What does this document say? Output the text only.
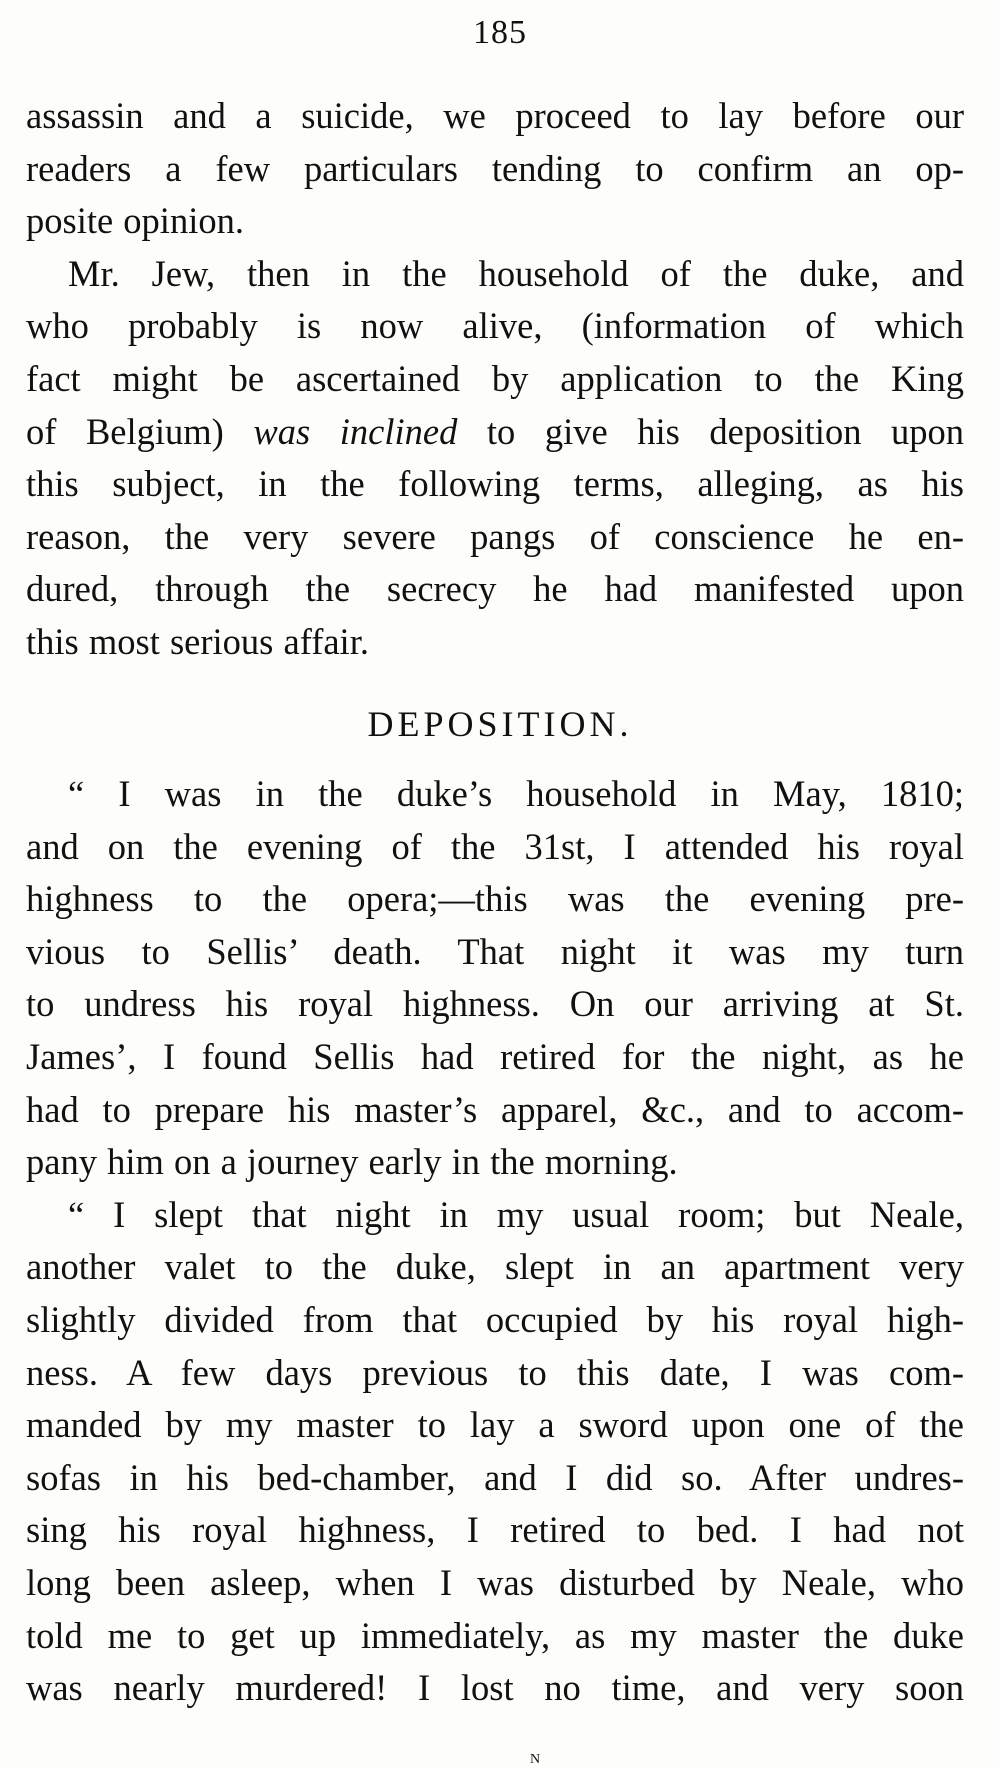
185
assassin and a suicide, we proceed to lay before our
readers a few particulars tending to confirm an op-
posite opinion.
Mr. Jew, then in the household of the duke, and
who probably is now alive, (information of which
fact might be ascertained by application to the King
of Belgium) was inclined to give his deposition upon
this subject, in the following terms, alleging, as his
reason, the very severe pangs of conscience he en-
dured, through the secrecy he had manifested upon
this most serious affair.
DEPOSITION.
“ I was in the duke’s household in May, 1810;
and on the evening of the 31st, I attended his royal
highness to the opera;—this was the evening pre-
vious to Sellis’ death. That night it was my turn
to undress his royal highness. On our arriving at St.
James’, I found Sellis had retired for the night, as he
had to prepare his master’s apparel, &c., and to accom-
pany him on a journey early in the morning.
“ I slept that night in my usual room; but Neale,
another valet to the duke, slept in an apartment very
slightly divided from that occupied by his royal high-
ness. A few days previous to this date, I was com-
manded by my master to lay a sword upon one of the
sofas in his bed-chamber, and I did so. After undres-
sing his royal highness, I retired to bed. I had not
long been asleep, when I was disturbed by Neale, who
told me to get up immediately, as my master the duke
was nearly murdered! I lost no time, and very soon
N
